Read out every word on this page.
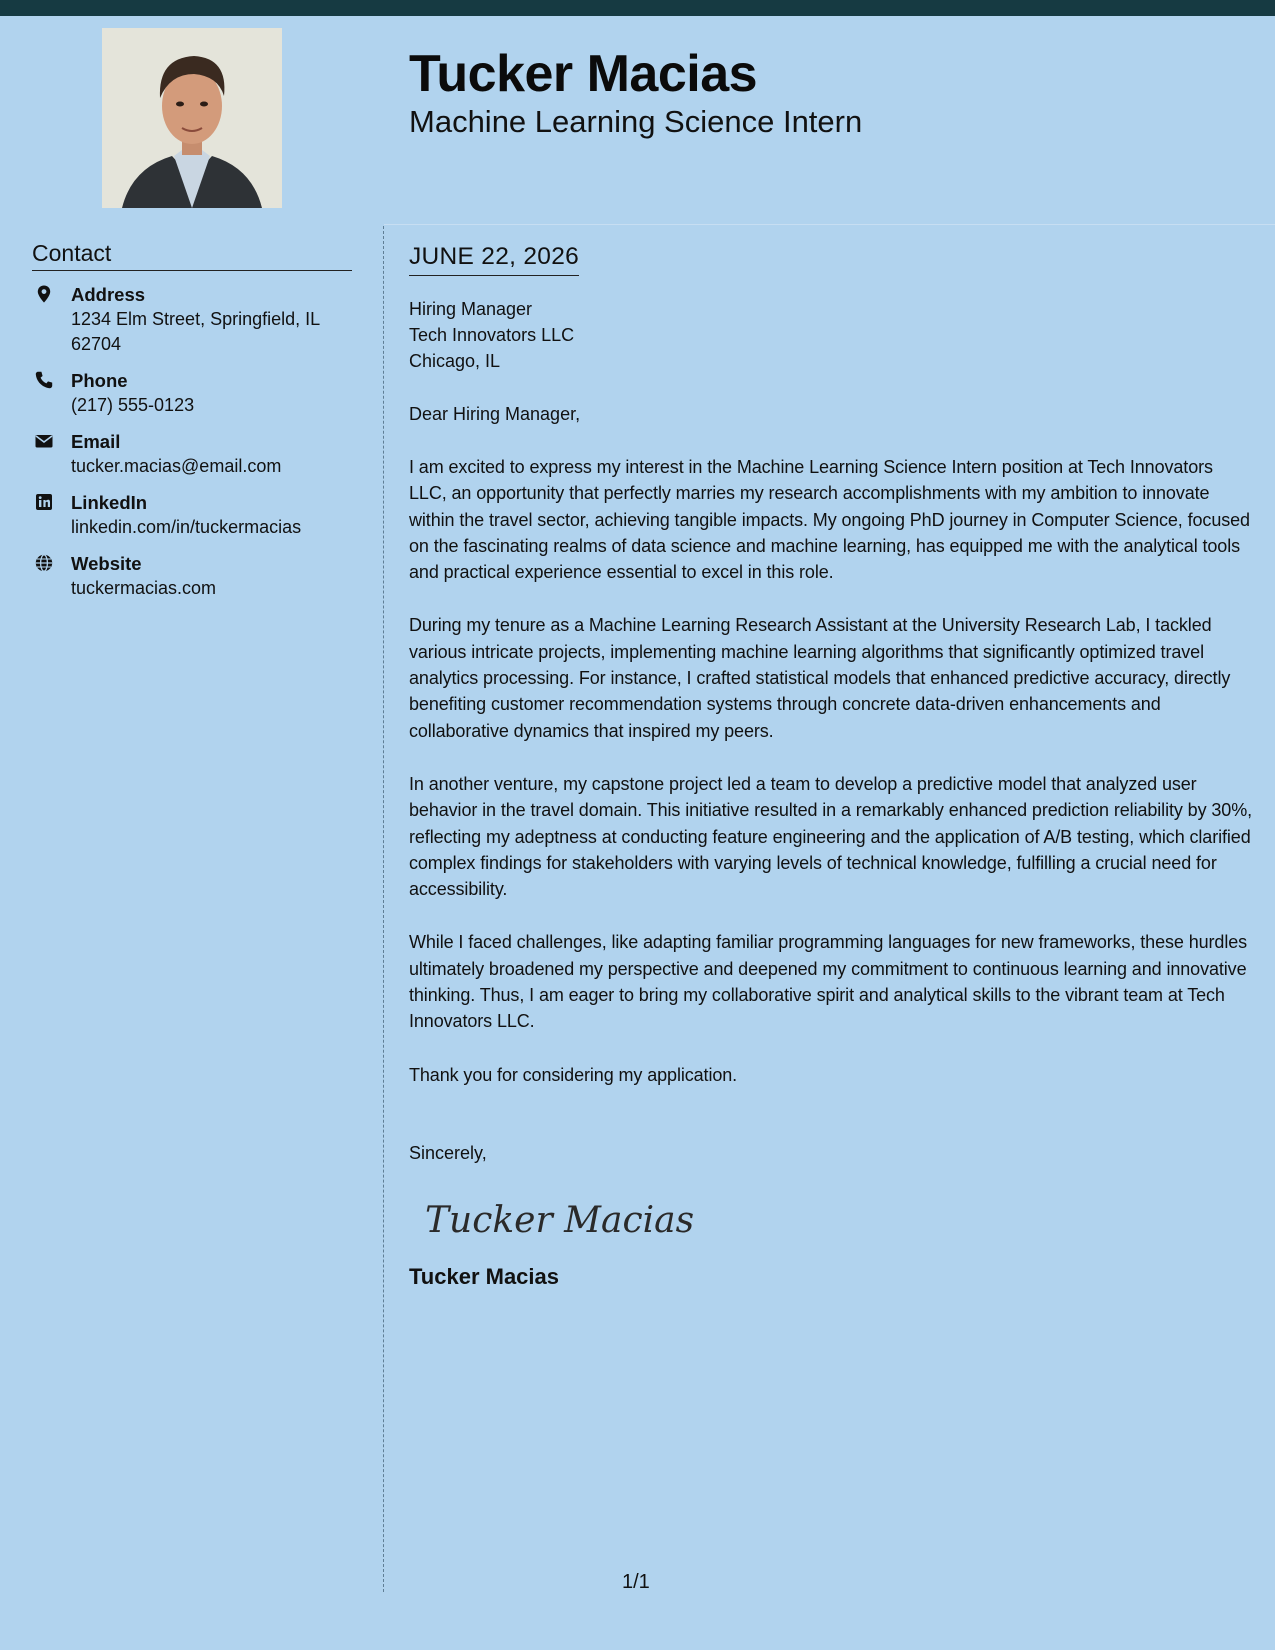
Tucker Macias
Machine Learning Science Intern
Contact
Address
1234 Elm Street, Springfield, IL 62704
Phone
(217) 555-0123
Email
tucker.macias@email.com
LinkedIn
linkedin.com/in/tuckermacias
Website
tuckermacias.com
JUNE 22, 2026
Hiring Manager
Tech Innovators LLC
Chicago, IL
Dear Hiring Manager,

I am excited to express my interest in the Machine Learning Science Intern position at Tech Innovators LLC, an opportunity that perfectly marries my research accomplishments with my ambition to innovate within the travel sector, achieving tangible impacts. My ongoing PhD journey in Computer Science, focused on the fascinating realms of data science and machine learning, has equipped me with the analytical tools and practical experience essential to excel in this role.

During my tenure as a Machine Learning Research Assistant at the University Research Lab, I tackled various intricate projects, implementing machine learning algorithms that significantly optimized travel analytics processing. For instance, I crafted statistical models that enhanced predictive accuracy, directly benefiting customer recommendation systems through concrete data-driven enhancements and collaborative dynamics that inspired my peers.

In another venture, my capstone project led a team to develop a predictive model that analyzed user behavior in the travel domain. This initiative resulted in a remarkably enhanced prediction reliability by 30%, reflecting my adeptness at conducting feature engineering and the application of A/B testing, which clarified complex findings for stakeholders with varying levels of technical knowledge, fulfilling a crucial need for accessibility.

While I faced challenges, like adapting familiar programming languages for new frameworks, these hurdles ultimately broadened my perspective and deepened my commitment to continuous learning and innovative thinking. Thus, I am eager to bring my collaborative spirit and analytical skills to the vibrant team at Tech Innovators LLC.

Thank you for considering my application.

Sincerely,
Tucker Macias
Tucker Macias
1/1
